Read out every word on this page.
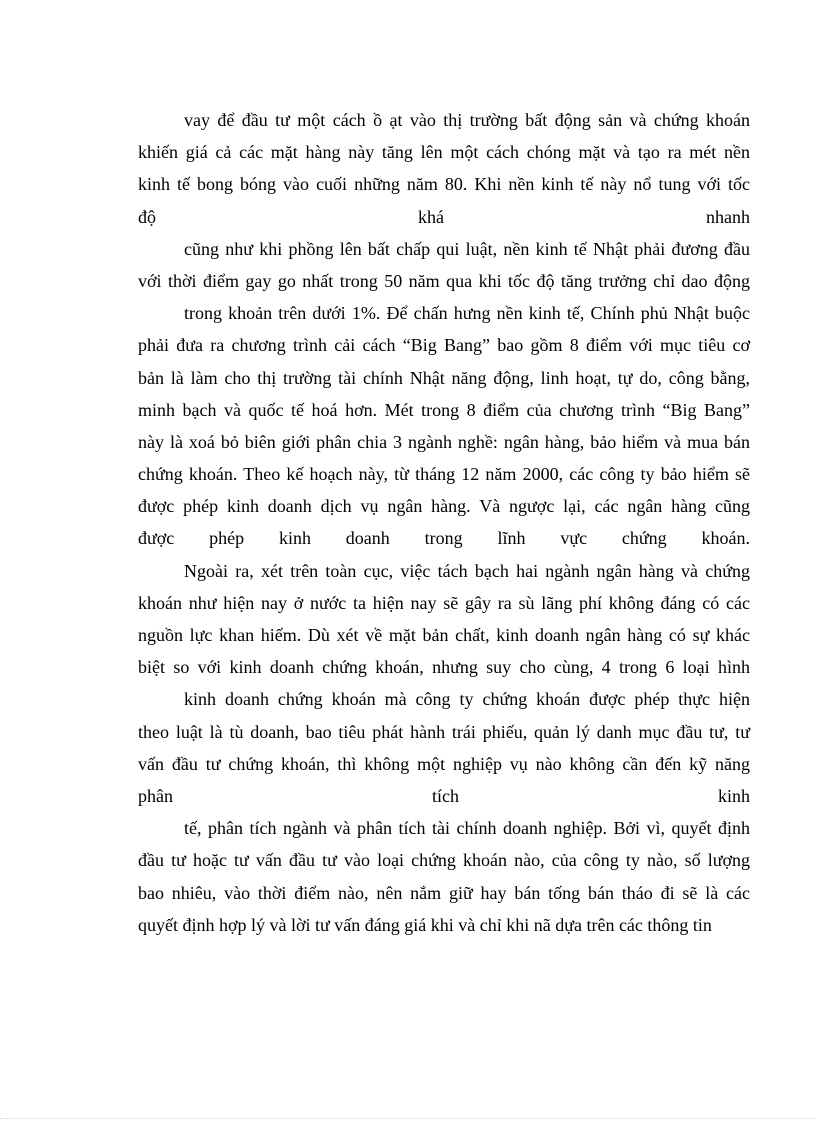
vay để đầu tư một cách ồ ạt vào thị trường bất động sản và chứng khoán
khiến giá cả các mặt hàng này tăng lên một cách chóng mặt và tạo ra mét nền
kinh tế bong bóng vào cuối những năm 80. Khi nền kinh tế này nổ tung với tốc
độ khá nhanh
cũng như khi phồng lên bất chấp qui luật, nền kinh tế Nhật phải đương đầu
với thời điểm gay go nhất trong 50 năm qua khi tốc độ tăng trưởng chỉ dao động
trong khoản trên dưới 1%. Để chấn hưng nền kinh tế, Chính phủ Nhật buộc
phải đưa ra chương trình cải cách “Big Bang” bao gồm 8 điểm với mục tiêu cơ
bản là làm cho thị trường tài chính Nhật năng động, linh hoạt, tự do, công bằng,
minh bạch và quốc tế hoá hơn. Mét trong 8 điểm của chương trình “Big Bang”
này là xoá bỏ biên giới phân chia 3 ngành nghề: ngân hàng, bảo hiểm và mua bán
chứng khoán. Theo kế hoạch này, từ tháng 12 năm 2000, các công ty bảo hiểm sẽ
được phép kinh doanh dịch vụ ngân hàng. Và ngược lại, các ngân hàng cũng
được phép kinh doanh trong lĩnh vực chứng khoán.
Ngoài ra, xét trên toàn cục, việc tách bạch hai ngành ngân hàng và chứng
khoán như hiện nay ở nước ta hiện nay sẽ gây ra sù lãng phí không đáng có các
nguồn lực khan hiếm. Dù xét về mặt bản chất, kinh doanh ngân hàng có sự khác
biệt so với kinh doanh chứng khoán, nhưng suy cho cùng, 4 trong 6 loại hình
kinh doanh chứng khoán mà công ty chứng khoán được phép thực hiện
theo luật là tù doanh, bao tiêu phát hành trái phiếu, quản lý danh mục đầu tư, tư
vấn đầu tư chứng khoán, thì không một nghiệp vụ nào không cần đến kỹ năng
phân tích kinh
tế, phân tích ngành và phân tích tài chính doanh nghiệp. Bởi vì, quyết định
đầu tư hoặc tư vấn đầu tư vào loại chứng khoán nào, của công ty nào, số lượng
bao nhiêu, vào thời điểm nào, nên nắm giữ hay bán tống bán tháo đi sẽ là các
quyết định hợp lý và lời tư vấn đáng giá khi và chỉ khi nã dựa trên các thông tin
